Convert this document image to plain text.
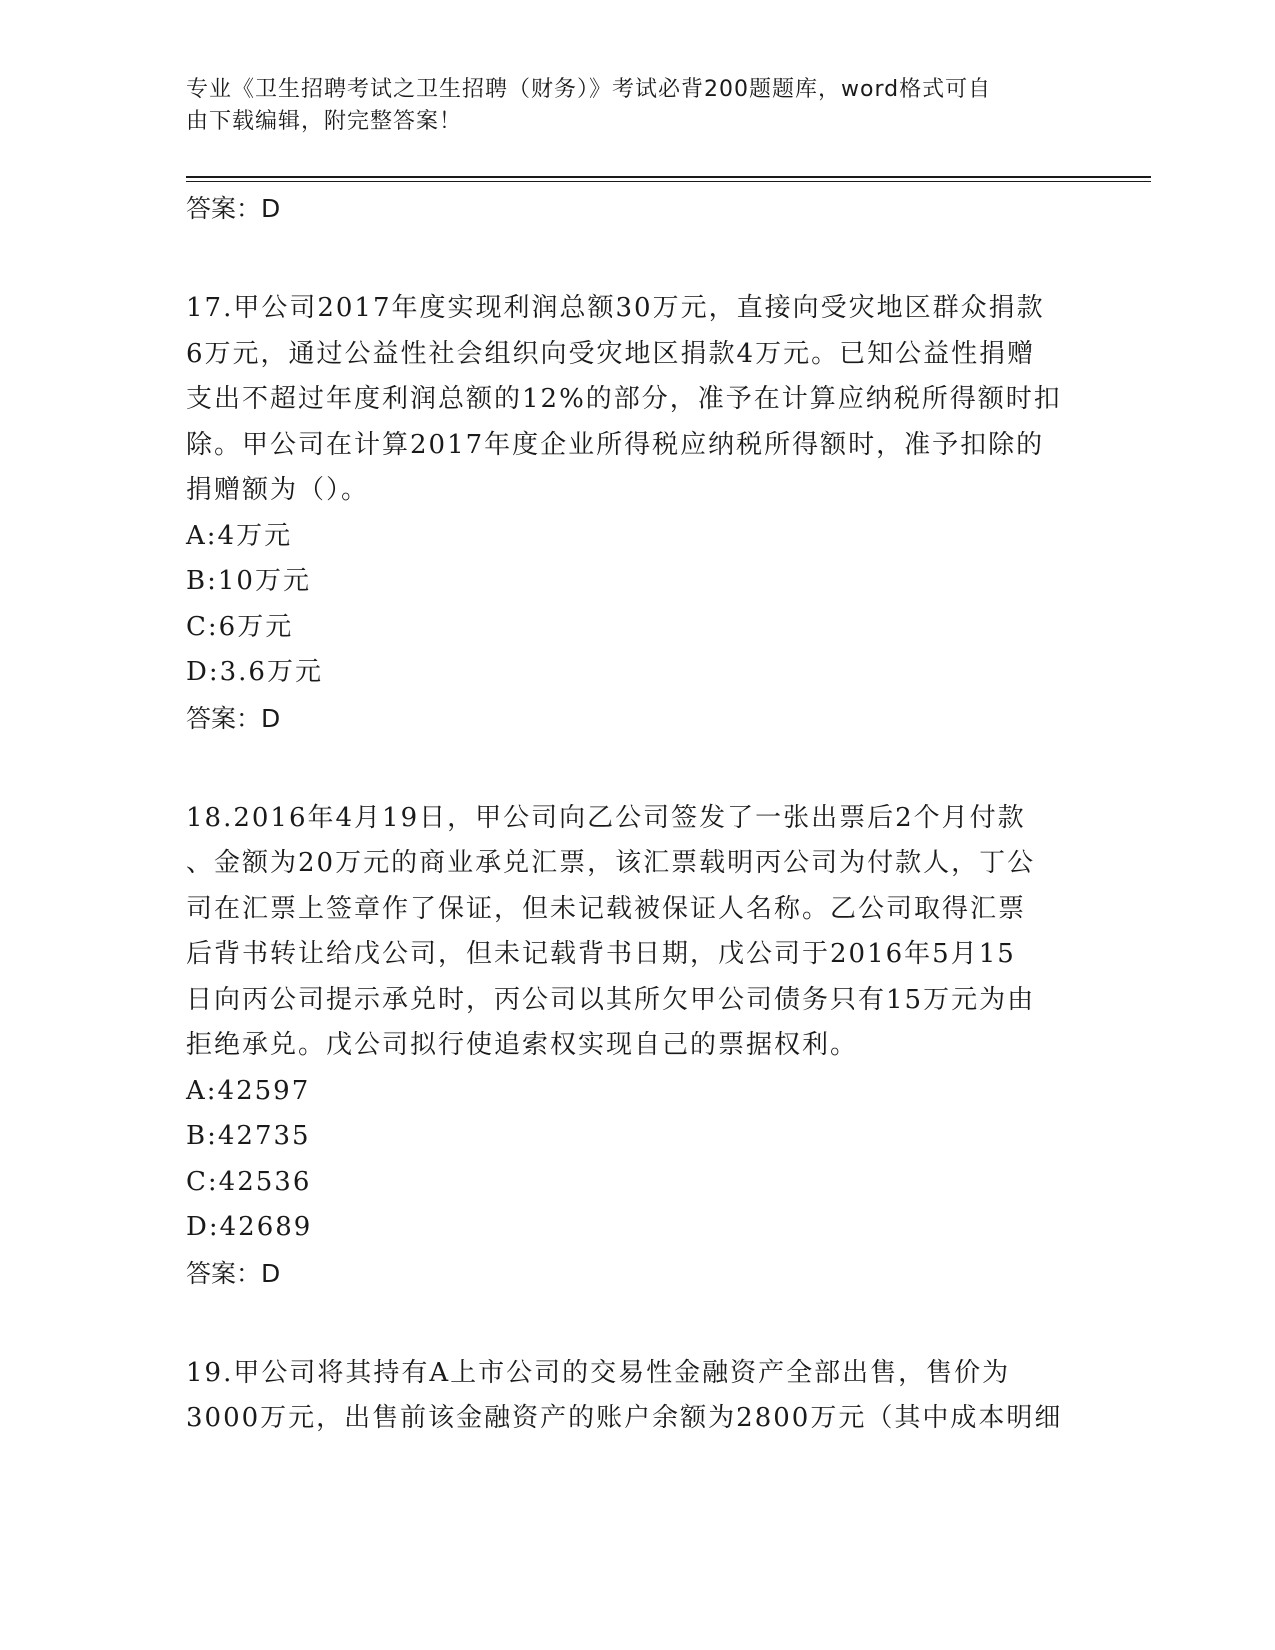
专业《卫生招聘考试之卫生招聘（财务）》考试必背200题题库，word格式可自
由下载编辑，附完整答案！
答案：D
17.甲公司2017年度实现利润总额30万元，直接向受灾地区群众捐款
6万元，通过公益性社会组织向受灾地区捐款4万元。已知公益性捐赠
支出不超过年度利润总额的12%的部分，准予在计算应纳税所得额时扣
除。甲公司在计算2017年度企业所得税应纳税所得额时，准予扣除的
捐赠额为（）。
A:4万元
B:10万元
C:6万元
D:3.6万元
答案：D
18.2016年4月19日，甲公司向乙公司签发了一张出票后2个月付款
、金额为20万元的商业承兑汇票，该汇票载明丙公司为付款人，丁公
司在汇票上签章作了保证，但未记载被保证人名称。乙公司取得汇票
后背书转让给戊公司，但未记载背书日期，戊公司于2016年5月15
日向丙公司提示承兑时，丙公司以其所欠甲公司债务只有15万元为由
拒绝承兑。戊公司拟行使追索权实现自己的票据权利。
A:42597
B:42735
C:42536
D:42689
答案：D
19.甲公司将其持有A上市公司的交易性金融资产全部出售，售价为
3000万元，出售前该金融资产的账户余额为2800万元（其中成本明细
